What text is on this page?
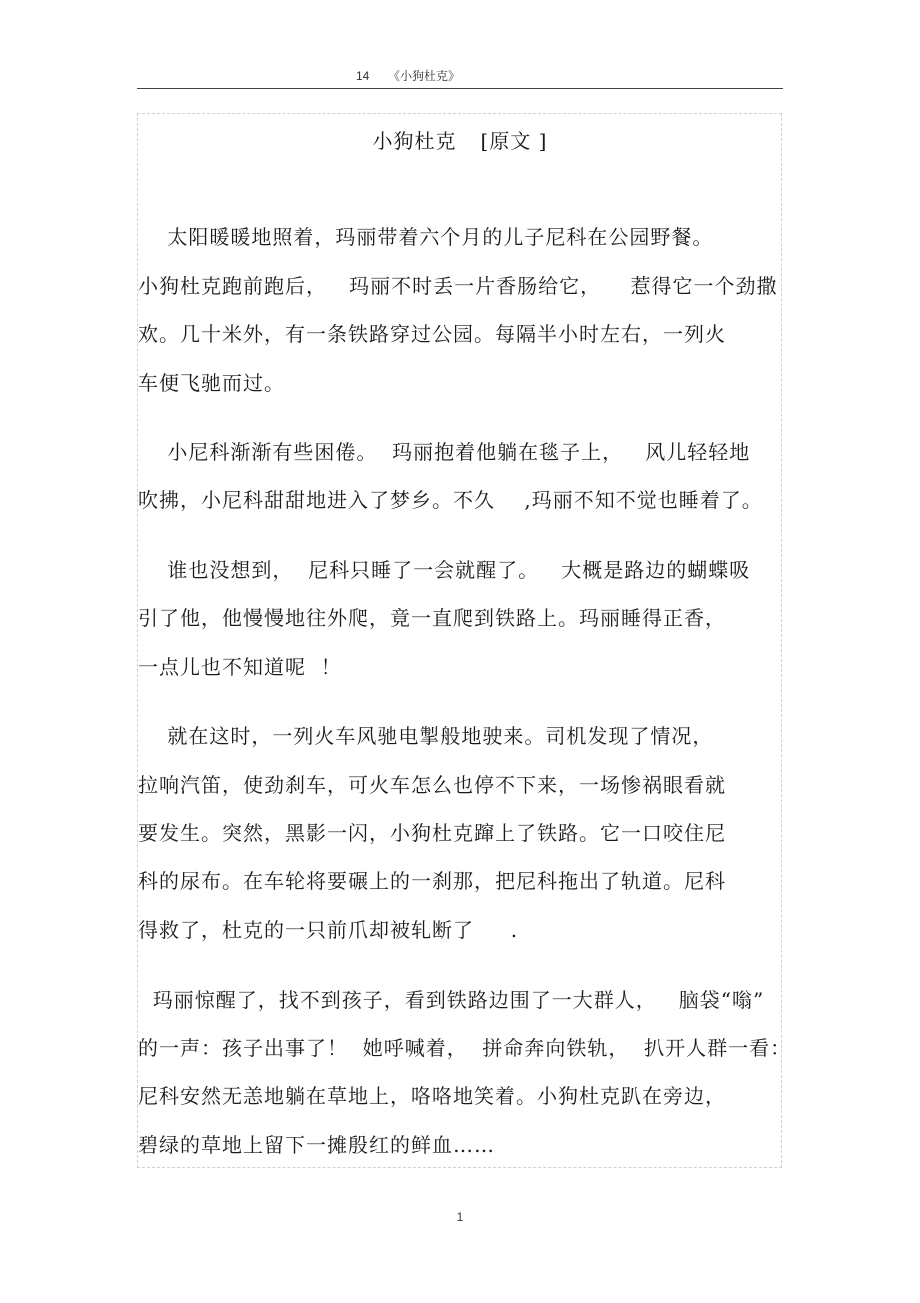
14 《小狗杜克》
小狗杜克 [原文 ]
太阳暖暖地照着，玛丽带着六个月的儿子尼科在公园野餐。
小狗杜克跑前跑后，   玛丽不时丢一片香肠给它，    惹得它一个劲撒
欢。几十米外，有一条铁路穿过公园。每隔半小时左右，一列火
车便飞驰而过。
小尼科渐渐有些困倦。  玛丽抱着他躺在毯子上，   风儿轻轻地
吹拂，小尼科甜甜地进入了梦乡。不久    ,玛丽不知不觉也睡着了。
谁也没想到，  尼科只睡了一会就醒了。   大概是路边的蝴蝶吸
引了他，他慢慢地往外爬，竟一直爬到铁路上。玛丽睡得正香，
一点儿也不知道呢  ！
就在这时，一列火车风驰电掣般地驶来。司机发现了情况，
拉响汽笛，使劲刹车，可火车怎么也停不下来，一场惨祸眼看就
要发生。突然，黑影一闪，小狗杜克蹿上了铁路。它一口咬住尼
科的尿布。在车轮将要碾上的一刹那，把尼科拖出了轨道。尼科
得救了，杜克的一只前爪却被轧断了     .
玛丽惊醒了，找不到孩子，看到铁路边围了一大群人，   脑袋“嗡”
的一声：孩子出事了！  她呼喊着，  拼命奔向铁轨，  扒开人群一看：
尼科安然无恙地躺在草地上，咯咯地笑着。小狗杜克趴在旁边，
碧绿的草地上留下一摊殷红的鲜血……
1
